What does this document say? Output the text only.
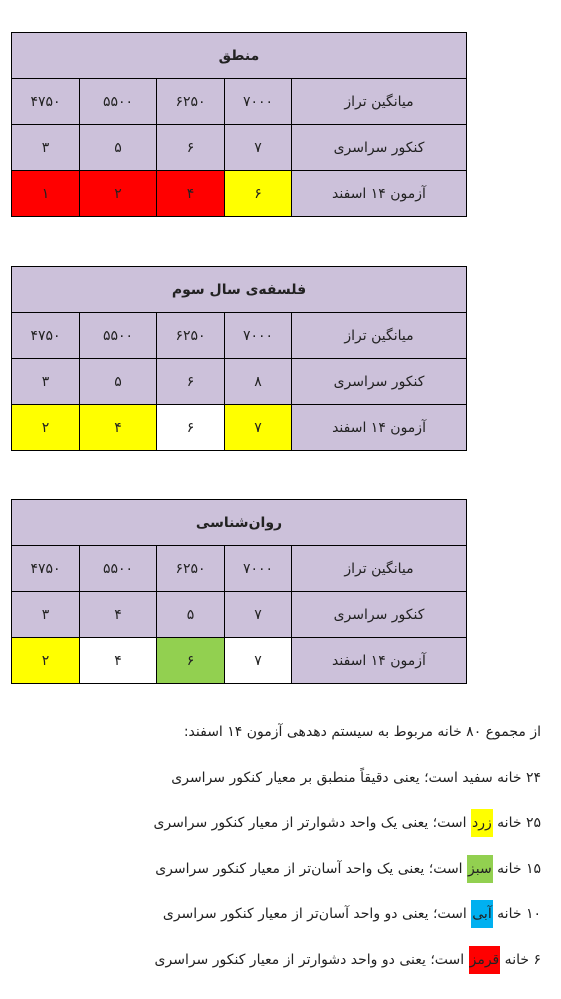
منطق				
۴۷۵۰	۵۵۰۰	۶۲۵۰	۷۰۰۰	میانگین تراز
۳	۵	۶	۷	کنکور سراسری
۱	۲	۴	۶	آزمون ۱۴ اسفند
فلسفه‌ی سال سوم				
۴۷۵۰	۵۵۰۰	۶۲۵۰	۷۰۰۰	میانگین تراز
۳	۵	۶	۸	کنکور سراسری
۲	۴	۶	۷	آزمون ۱۴ اسفند
روان‌شناسی				
۴۷۵۰	۵۵۰۰	۶۲۵۰	۷۰۰۰	میانگین تراز
۳	۴	۵	۷	کنکور سراسری
۲	۴	۶	۷	آزمون ۱۴ اسفند
از مجموع ۸۰ خانه مربوط به سیستم دهدهی آزمون ۱۴ اسفند:
۲۴ خانه سفید است؛ یعنی دقیقاً منطبق بر معیار کنکور سراسری
۲۵ خانه زرد است؛ یعنی یک واحد دشوارتر از معیار کنکور سراسری
۱۵ خانه سبز است؛ یعنی یک واحد آسان‌تر از معیار کنکور سراسری
۱۰ خانه آبی است؛ یعنی دو واحد آسان‌تر از معیار کنکور سراسری
۶ خانه قرمز است؛ یعنی دو واحد دشوارتر از معیار کنکور سراسری
